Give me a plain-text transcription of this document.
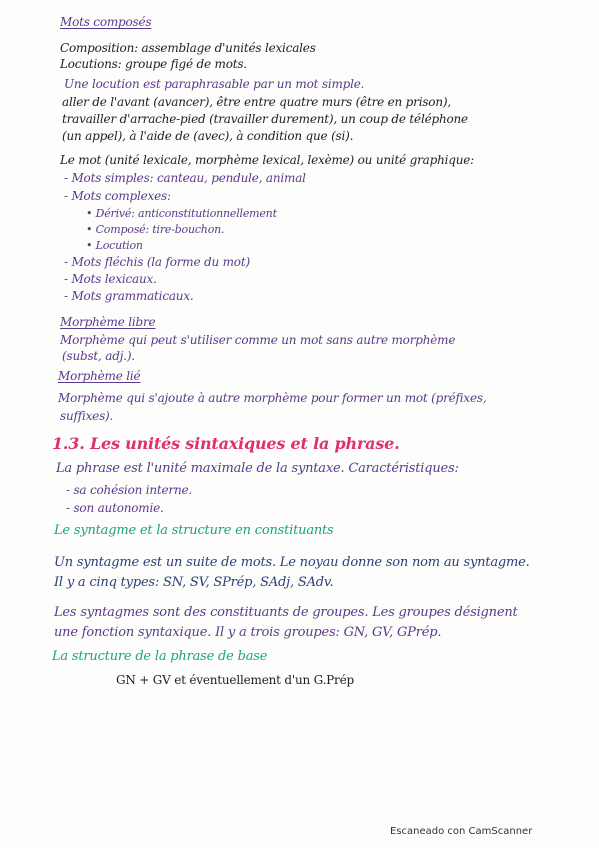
Mots composés
Composition: assemblage d'unités lexicales
Locutions: groupe figé de mots.
Une locution est paraphrasable par un mot simple.
aller de l'avant (avancer), être entre quatre murs (être en prison),
travailler d'arrache-pied (travailler durement), un coup de téléphone
(un appel), à l'aide de (avec), à condition que (si).
Le mot (unité lexicale, morphème lexical, lexème) ou unité graphique:
- Mots simples: canteau, pendule, animal
- Mots complexes:
• Dérivé: anticonstitutionnellement
• Composé: tire-bouchon.
• Locution
- Mots fléchis (la forme du mot)
- Mots lexicaux.
- Mots grammaticaux.
Morphème libre
Morphème qui peut s'utiliser comme un mot sans autre morphème
(subst, adj.).
Morphème lié
Morphème qui s'ajoute à autre morphème pour former un mot (préfixes,
suffixes).
1.3. Les unités sintaxiques et la phrase.
La phrase est l'unité maximale de la syntaxe. Caractéristiques:
- sa cohésion interne.
- son autonomie.
Le syntagme et la structure en constituants
Un syntagme est un suite de mots. Le noyau donne son nom au syntagme.
Il y a cinq types: SN, SV, SPrép, SAdj, SAdv.
Les syntagmes sont des constituants de groupes. Les groupes désignent
une fonction syntaxique. Il y a trois groupes: GN, GV, GPrép.
La structure de la phrase de base
GN + GV et éventuellement d'un G.Prép
Escaneado con CamScanner
